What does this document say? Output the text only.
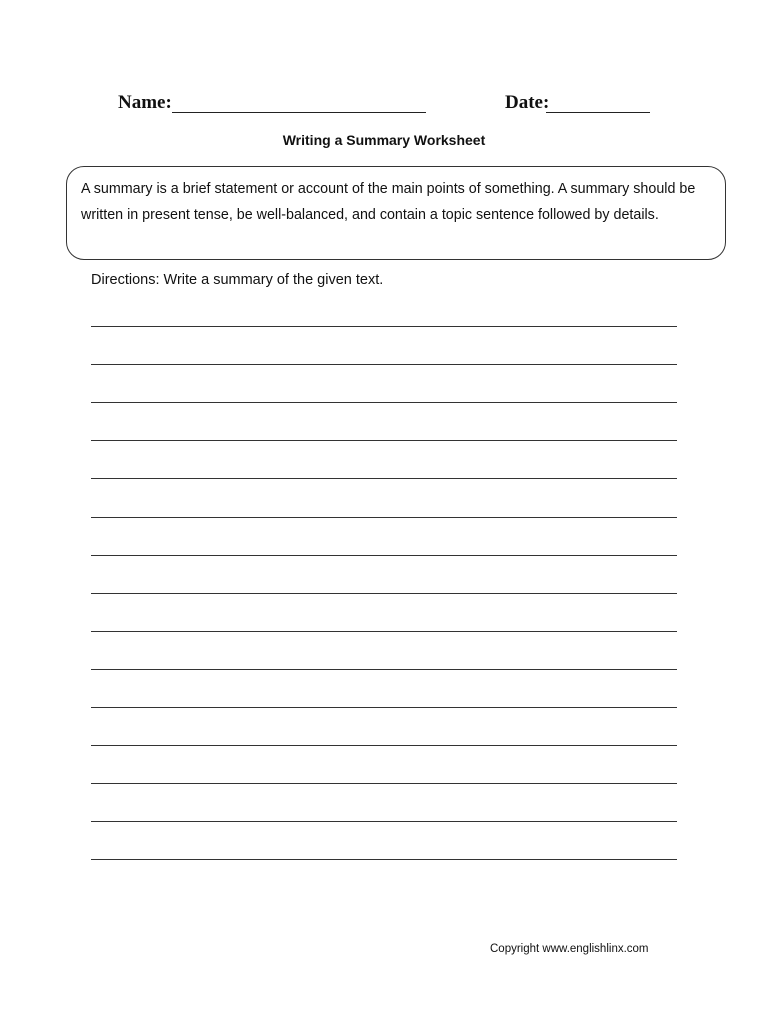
Name:	Date:
Writing a Summary Worksheet
A summary is a brief statement or account of the main points of something. A summary should be written in present tense, be well-balanced, and contain a topic sentence followed by details.
Directions: Write a summary of the given text.
Copyright www.englishlinx.com
